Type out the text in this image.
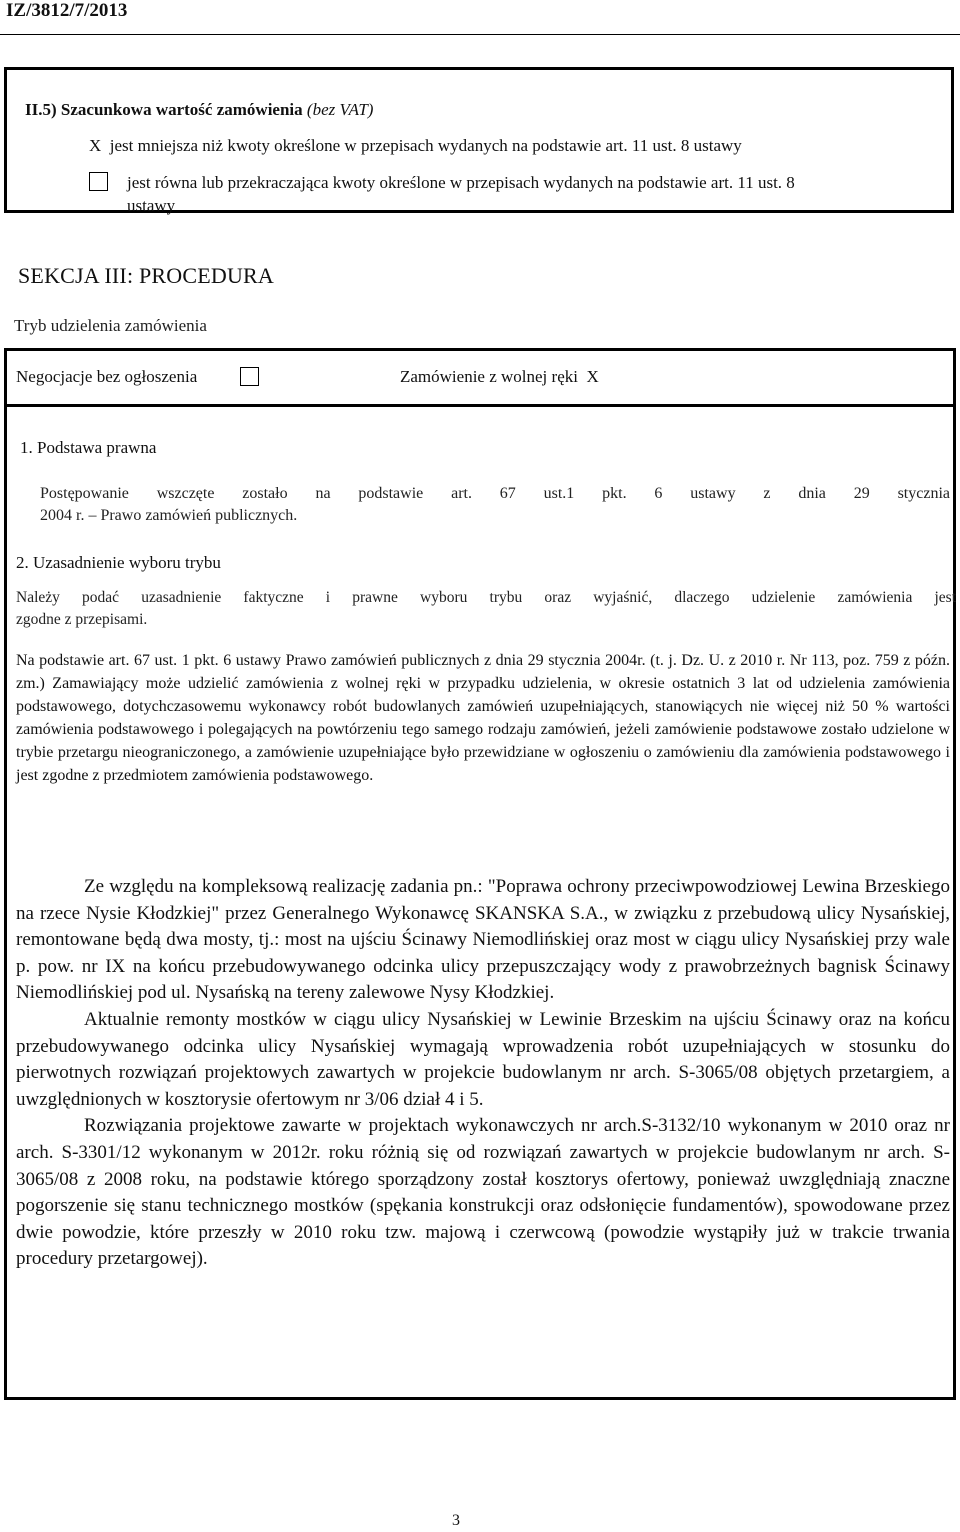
IZ/3812/7/2013
II.5) Szacunkowa wartość zamówienia (bez VAT)
X jest mniejsza niż kwoty określone w przepisach wydanych na podstawie art. 11 ust. 8 ustawy
jest równa lub przekraczająca kwoty określone w przepisach wydanych na podstawie art. 11 ust. 8
ustawy
SEKCJA III: PROCEDURA
Tryb udzielenia zamówienia
Negocjacje bez ogłoszenia	Zamówienie z wolnej ręki X
1. Podstawa prawna
Postępowanie wszczęte zostało na podstawie art. 67 ust.1 pkt. 6 ustawy z dnia 29 stycznia
2004 r. – Prawo zamówień publicznych.
2. Uzasadnienie wyboru trybu
Należy podać uzasadnienie faktyczne i prawne wyboru trybu oraz wyjaśnić, dlaczego udzielenie zamówienia jest
zgodne z przepisami.
Na podstawie art. 67 ust. 1 pkt. 6 ustawy Prawo zamówień publicznych z dnia 29 stycznia 2004r. (t. j. Dz. U. z 2010 r. Nr 113, poz. 759 z późn. zm.) Zamawiający może udzielić zamówienia z wolnej ręki w przypadku udzielenia, w okresie ostatnich 3 lat od udzielenia zamówienia podstawowego, dotychczasowemu wykonawcy robót budowlanych zamówień uzupełniających, stanowiących nie więcej niż 50 % wartości zamówienia podstawowego i polegających na powtórzeniu tego samego rodzaju zamówień, jeżeli zamówienie podstawowe zostało udzielone w trybie przetargu nieograniczonego, a zamówienie uzupełniające było przewidziane w ogłoszeniu o zamówieniu dla zamówienia podstawowego i jest zgodne z przedmiotem zamówienia podstawowego.

Ze względu na kompleksową realizację zadania pn.: "Poprawa ochrony przeciwpowodziowej Lewina Brzeskiego na rzece Nysie Kłodzkiej" przez Generalnego Wykonawcę SKANSKA S.A., w związku z przebudową ulicy Nysańskiej, remontowane będą dwa mosty, tj.: most na ujściu Ścinawy Niemodlińskiej oraz most w ciągu ulicy Nysańskiej przy wale p. pow. nr IX na końcu przebudowywanego odcinka ulicy przepuszczający wody z prawobrzeżnych bagnisk Ścinawy Niemodlińskiej pod ul. Nysańską na tereny zalewowe Nysy Kłodzkiej.

Aktualnie remonty mostków w ciągu ulicy Nysańskiej w Lewinie Brzeskim na ujściu Ścinawy oraz na końcu przebudowywanego odcinka ulicy Nysańskiej wymagają wprowadzenia robót uzupełniających w stosunku do pierwotnych rozwiązań projektowych zawartych w projekcie budowlanym nr arch. S-3065/08 objętych przetargiem, a uwzględnionych w kosztorysie ofertowym nr 3/06 dział 4 i 5.

Rozwiązania projektowe zawarte w projektach wykonawczych nr arch.S-3132/10 wykonanym w 2010 oraz nr arch. S-3301/12 wykonanym w 2012r. roku różnią się od rozwiązań zawartych w projekcie budowlanym nr arch. S-3065/08 z 2008 roku, na podstawie którego sporządzony został kosztorys ofertowy, ponieważ uwzględniają znaczne pogorszenie się stanu technicznego mostków (spękania konstrukcji oraz odsłonięcie fundamentów), spowodowane przez dwie powodzie, które przeszły w 2010 roku tzw. majową i czerwcową (powodzie wystąpiły już w trakcie trwania procedury przetargowej).

3
